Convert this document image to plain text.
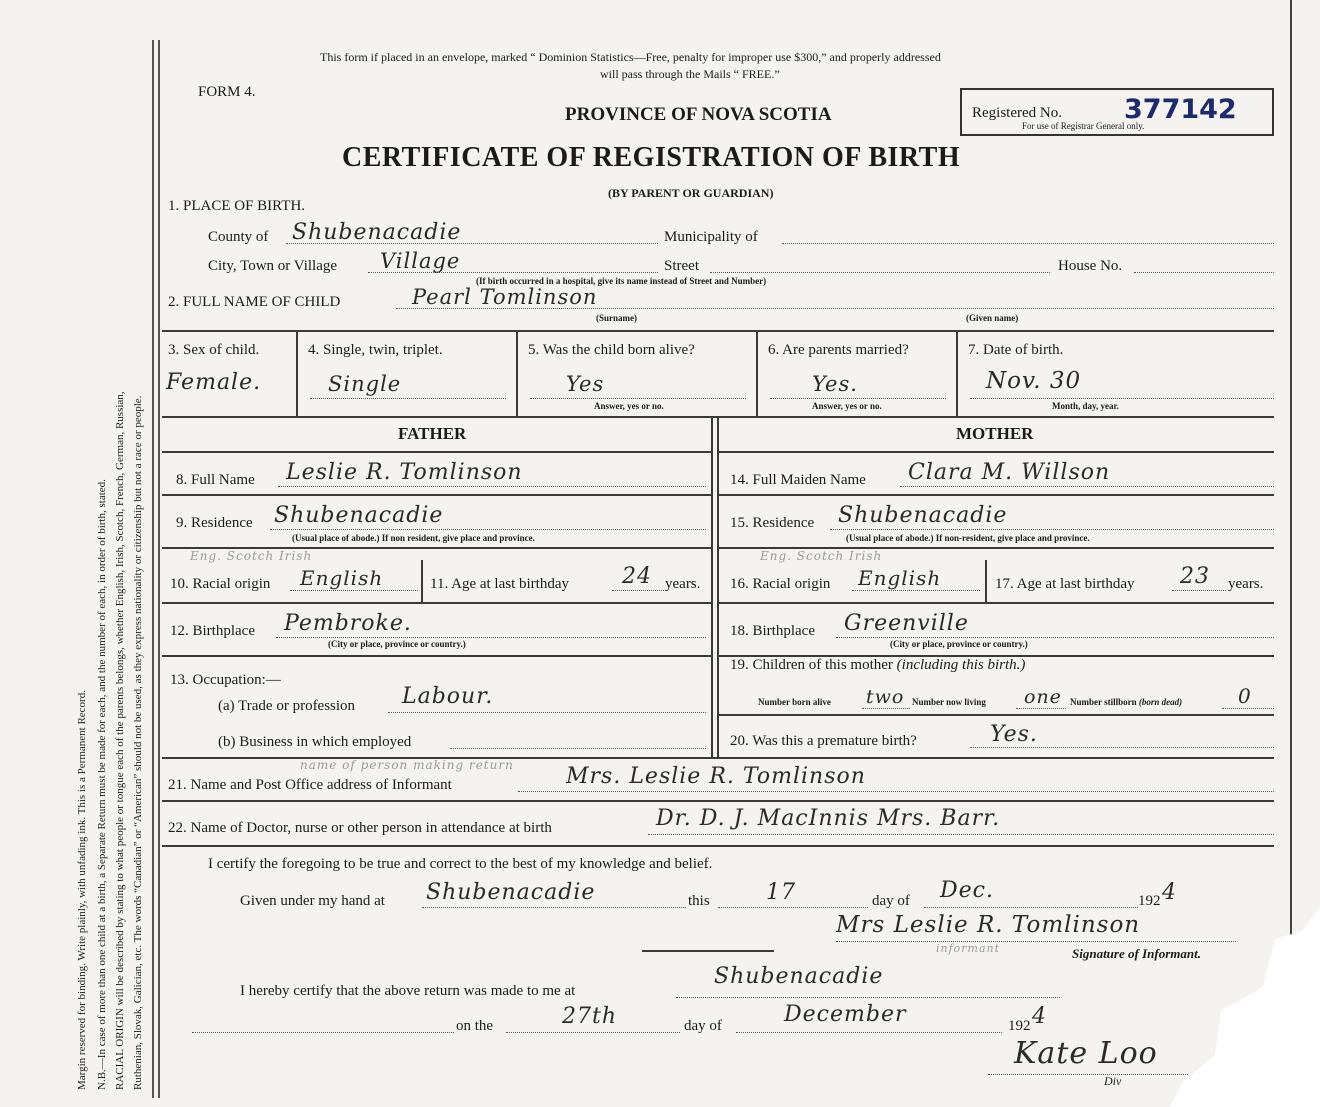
Margin reserved for binding. Write plainly, with unfading ink. This is a Permanent Record. N.B.—In case of more than one child at a birth, a Separate Return must be made for each, and the number of each, in order of birth, stated. RACIAL ORIGIN will be described by stating to what people or tongue each of the parents belongs, whether English, Irish, Scotch, French, German, Russian, Ruthenian, Slovak, Galician, etc. The words “Canadian” or “American” should not be used, as they express nationality or citizenship but not a race or people.
This form if placed in an envelope, marked “ Dominion Statistics—Free, penalty for improper use $300,” and properly addressed
will pass through the Mails “ FREE.”
FORM 4.
PROVINCE OF NOVA SCOTIA	Registered No. 377142
For use of Registrar General only.
CERTIFICATE OF REGISTRATION OF BIRTH
(BY PARENT OR GUARDIAN)
1. PLACE OF BIRTH.
County of Shubenacadie	Municipality of
City, Town or Village Village	Street	House No.
(If birth occurred in a hospital, give its name instead of Street and Number)
2. FULL NAME OF CHILD	Pearl Tomlinson
(Surname)	(Given name)
3. Sex of child.
Female.
4. Single, twin, triplet.
Single
5. Was the child born alive?
Yes
Answer, yes or no.
6. Are parents married?
Yes.
Answer, yes or no.
7. Date of birth.
Nov. 30
Month, day, year.
FATHER	MOTHER
8. Full Name Leslie R. Tomlinson	14. Full Maiden Name Clara M. Willson
9. Residence Shubenacadie
(Usual place of abode.) If non resident, give place and province.
15. Residence Shubenacadie
(Usual place of abode.) If non-resident, give place and province.
Eng. Scotch Irish	Eng. Scotch Irish
10. Racial origin English	11. Age at last birthday 24 years. 16. Racial origin English	17. Age at last birthday 23 years.
12. Birthplace Pembroke.
(City or place, province or country.)
18. Birthplace Greenville
(City or place, province or country.)
13. Occupation:—
(a) Trade or profession Labour.
(b) Business in which employed
19. Children of this mother (including this birth.)
Number born alive two Number now living one Number stillborn (born dead)	0
20. Was this a premature birth?	Yes.
name of person making return
21. Name and Post Office address of Informant	Mrs. Leslie R. Tomlinson
22. Name of Doctor, nurse or other person in attendance at birth	Dr. D. J. MacInnis Mrs. Barr.
I certify the foregoing to be true and correct to the best of my knowledge and belief.
Given under my hand at Shubenacadie	this	17	day of Dec.	192 4
Mrs Leslie R. Tomlinson
informant	Signature of Informant.
I hereby certify that the above return was made to me at
Shubenacadie
on the	27th	day of	December	192 4
Kate Loo
Div
